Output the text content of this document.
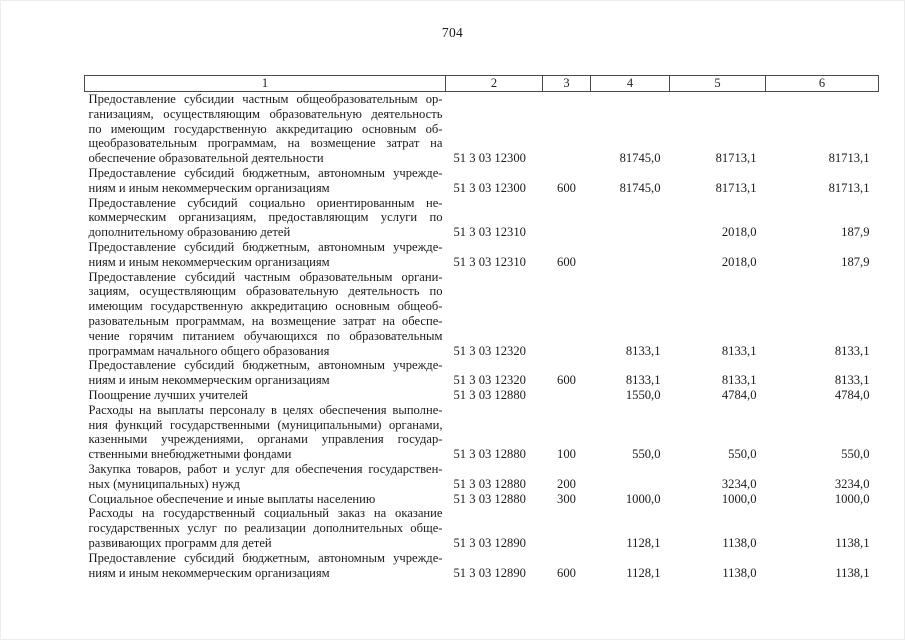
704
1	2	3	4	5	6

Предоставление субсидии частным общеобразовательным ор-
ганизациям, осуществляющим образовательную деятельность
по имеющим государственную аккредитацию основным об-
щеобразовательным программам, на возмещение затрат на
обеспечение образовательной деятельности	51 3 03 12300		81745,0	81713,1	81713,1

Предоставление субсидий бюджетным, автономным учрежде-
ниям и иным некоммерческим организациям	51 3 03 12300	600	81745,0	81713,1	81713,1

Предоставление субсидий социально ориентированным не-
коммерческим организациям, предоставляющим услуги по
дополнительному образованию детей	51 3 03 12310			2018,0	187,9

Предоставление субсидий бюджетным, автономным учрежде-
ниям и иным некоммерческим организациям	51 3 03 12310	600		2018,0	187,9

Предоставление субсидий частным образовательным органи-
зациям, осуществляющим образовательную деятельность по
имеющим государственную аккредитацию основным общеоб-
разовательным программам, на возмещение затрат на обеспе-
чение горячим питанием обучающихся по образовательным
программам начального общего образования	51 3 03 12320		8133,1	8133,1	8133,1

Предоставление субсидий бюджетным, автономным учрежде-
ниям и иным некоммерческим организациям	51 3 03 12320	600	8133,1	8133,1	8133,1

Поощрение лучших учителей	51 3 03 12880		1550,0	4784,0	4784,0

Расходы на выплаты персоналу в целях обеспечения выполне-
ния функций государственными (муниципальными) органами,
казенными учреждениями, органами управления государ-
ственными внебюджетными фондами	51 3 03 12880	100	550,0	550,0	550,0

Закупка товаров, работ и услуг для обеспечения государствен-
ных (муниципальных) нужд	51 3 03 12880	200		3234,0	3234,0

Социальное обеспечение и иные выплаты населению	51 3 03 12880	300	1000,0	1000,0	1000,0

Расходы на государственный социальный заказ на оказание
государственных услуг по реализации дополнительных обще-
развивающих программ для детей	51 3 03 12890		1128,1	1138,0	1138,1

Предоставление субсидий бюджетным, автономным учрежде-
ниям и иным некоммерческим организациям	51 3 03 12890	600	1128,1	1138,0	1138,1
